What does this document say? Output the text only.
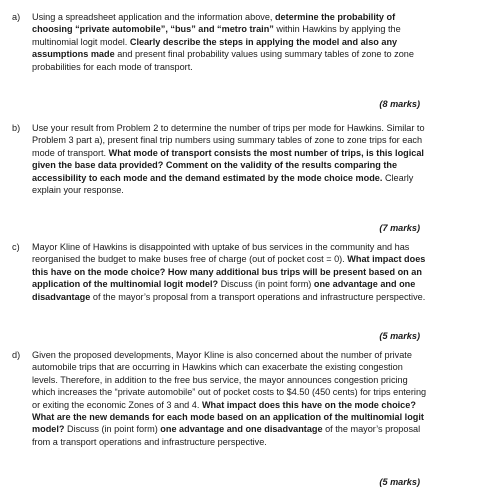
a) Using a spreadsheet application and the information above, determine the probability of choosing “private automobile”, “bus” and “metro train” within Hawkins by applying the multinomial logit model. Clearly describe the steps in applying the model and also any assumptions made and present final probability values using summary tables of zone to zone probabilities for each mode of transport.

(8 marks)
b) Use your result from Problem 2 to determine the number of trips per mode for Hawkins. Similar to Problem 3 part a), present final trip numbers using summary tables of zone to zone trips for each mode of transport. What mode of transport consists the most number of trips, is this logical given the base data provided? Comment on the validity of the results comparing the accessibility to each mode and the demand estimated by the mode choice mode. Clearly explain your response.

(7 marks)
c) Mayor Kline of Hawkins is disappointed with uptake of bus services in the community and has reorganised the budget to make buses free of charge (out of pocket cost = 0). What impact does this have on the mode choice? How many additional bus trips will be present based on an application of the multinomial logit model? Discuss (in point form) one advantage and one disadvantage of the mayor’s proposal from a transport operations and infrastructure perspective.

(5 marks)
d) Given the proposed developments, Mayor Kline is also concerned about the number of private automobile trips that are occurring in Hawkins which can exacerbate the existing congestion levels. Therefore, in addition to the free bus service, the mayor announces congestion pricing which increases the “private automobile” out of pocket costs to $4.50 (450 cents) for trips entering or exiting the economic Zones of 3 and 4. What impact does this have on the mode choice? What are the new demands for each mode based on an application of the multinomial logit model? Discuss (in point form) one advantage and one disadvantage of the mayor’s proposal from a transport operations and infrastructure perspective.

(5 marks)
